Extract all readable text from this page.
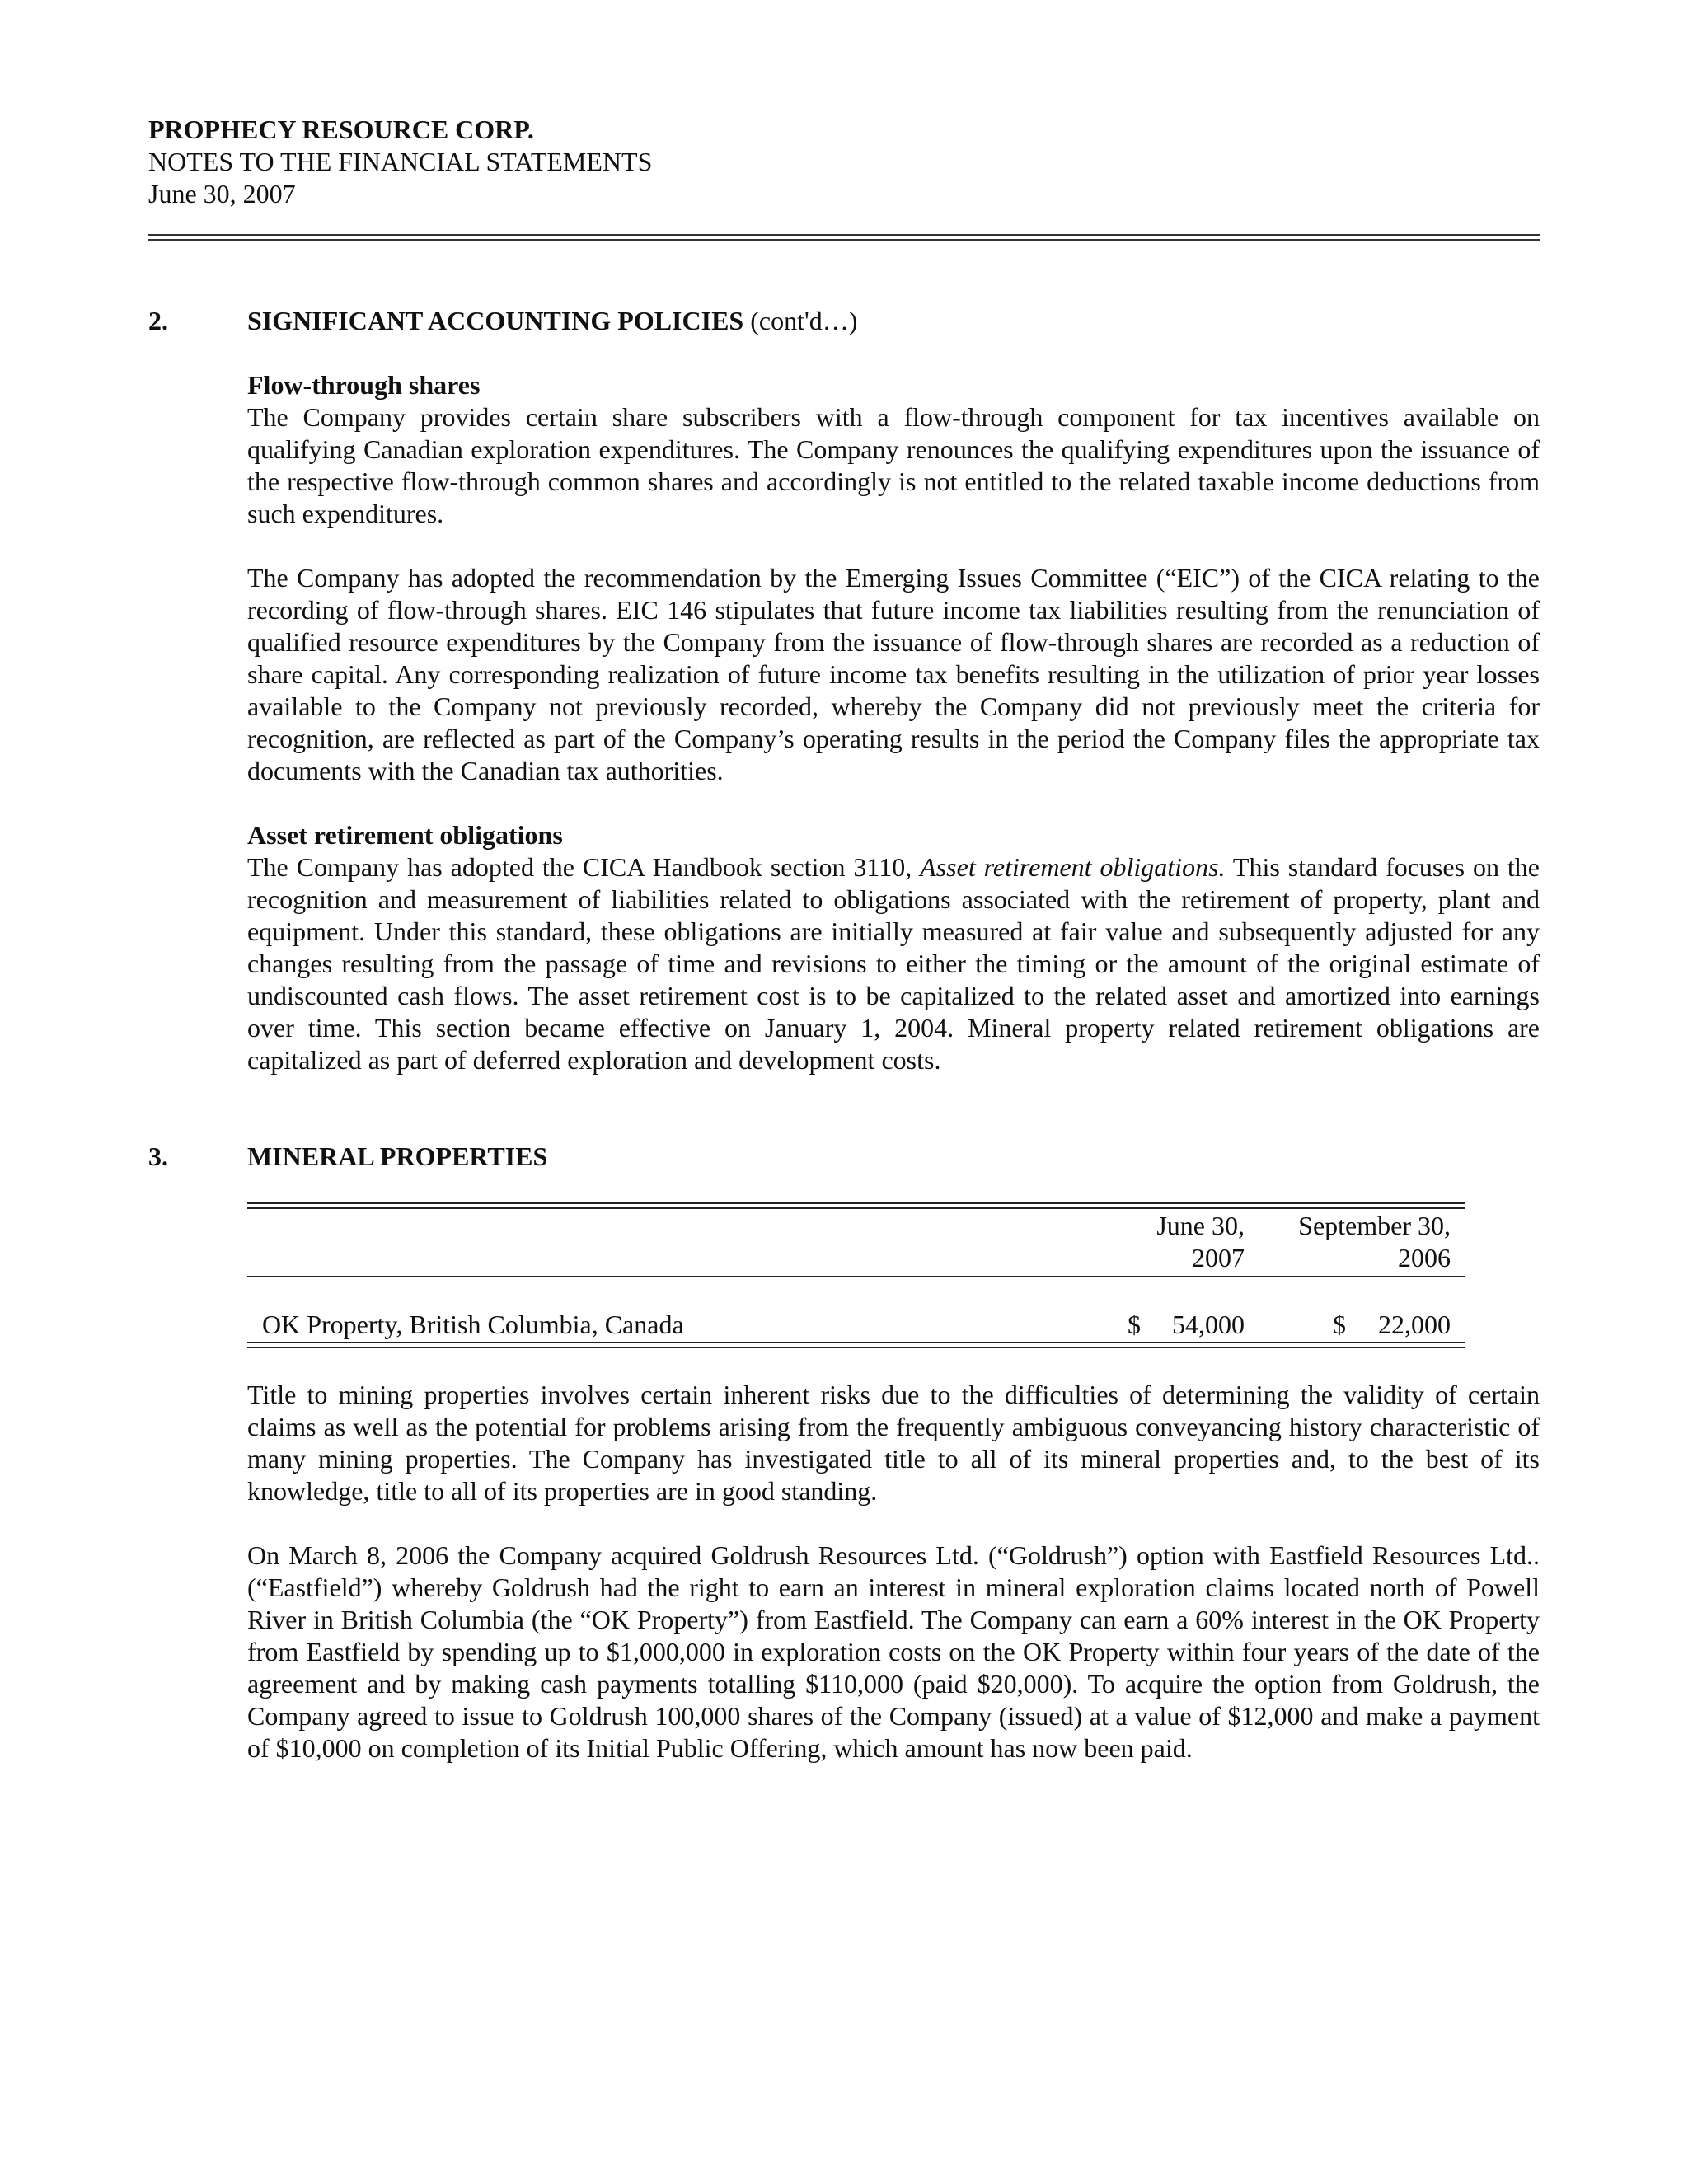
PROPHECY RESOURCE CORP.
NOTES TO THE FINANCIAL STATEMENTS
June 30, 2007
2.	SIGNIFICANT ACCOUNTING POLICIES (cont'd…)
Flow-through shares
The Company provides certain share subscribers with a flow-through component for tax incentives available on qualifying Canadian exploration expenditures. The Company renounces the qualifying expenditures upon the issuance of the respective flow-through common shares and accordingly is not entitled to the related taxable income deductions from such expenditures.
The Company has adopted the recommendation by the Emerging Issues Committee (“EIC”) of the CICA relating to the recording of flow-through shares. EIC 146 stipulates that future income tax liabilities resulting from the renunciation of qualified resource expenditures by the Company from the issuance of flow-through shares are recorded as a reduction of share capital. Any corresponding realization of future income tax benefits resulting in the utilization of prior year losses available to the Company not previously recorded, whereby the Company did not previously meet the criteria for recognition, are reflected as part of the Company’s operating results in the period the Company files the appropriate tax documents with the Canadian tax authorities.
Asset retirement obligations
The Company has adopted the CICA Handbook section 3110, Asset retirement obligations. This standard focuses on the recognition and measurement of liabilities related to obligations associated with the retirement of property, plant and equipment. Under this standard, these obligations are initially measured at fair value and subsequently adjusted for any changes resulting from the passage of time and revisions to either the timing or the amount of the original estimate of undiscounted cash flows. The asset retirement cost is to be capitalized to the related asset and amortized into earnings over time. This section became effective on January 1, 2004. Mineral property related retirement obligations are capitalized as part of deferred exploration and development costs.
3.	MINERAL PROPERTIES
June 30,
2007
September 30,
2006
OK Property, British Columbia, Canada	$	54,000	$	22,000
Title to mining properties involves certain inherent risks due to the difficulties of determining the validity of certain claims as well as the potential for problems arising from the frequently ambiguous conveyancing history characteristic of many mining properties. The Company has investigated title to all of its mineral properties and, to the best of its knowledge, title to all of its properties are in good standing.
On March 8, 2006 the Company acquired Goldrush Resources Ltd. (“Goldrush”) option with Eastfield Resources Ltd.. (“Eastfield”) whereby Goldrush had the right to earn an interest in mineral exploration claims located north of Powell River in British Columbia (the “OK Property”) from Eastfield. The Company can earn a 60% interest in the OK Property from Eastfield by spending up to $1,000,000 in exploration costs on the OK Property within four years of the date of the agreement and by making cash payments totalling $110,000 (paid $20,000). To acquire the option from Goldrush, the Company agreed to issue to Goldrush 100,000 shares of the Company (issued) at a value of $12,000 and make a payment of $10,000 on completion of its Initial Public Offering, which amount has now been paid.
